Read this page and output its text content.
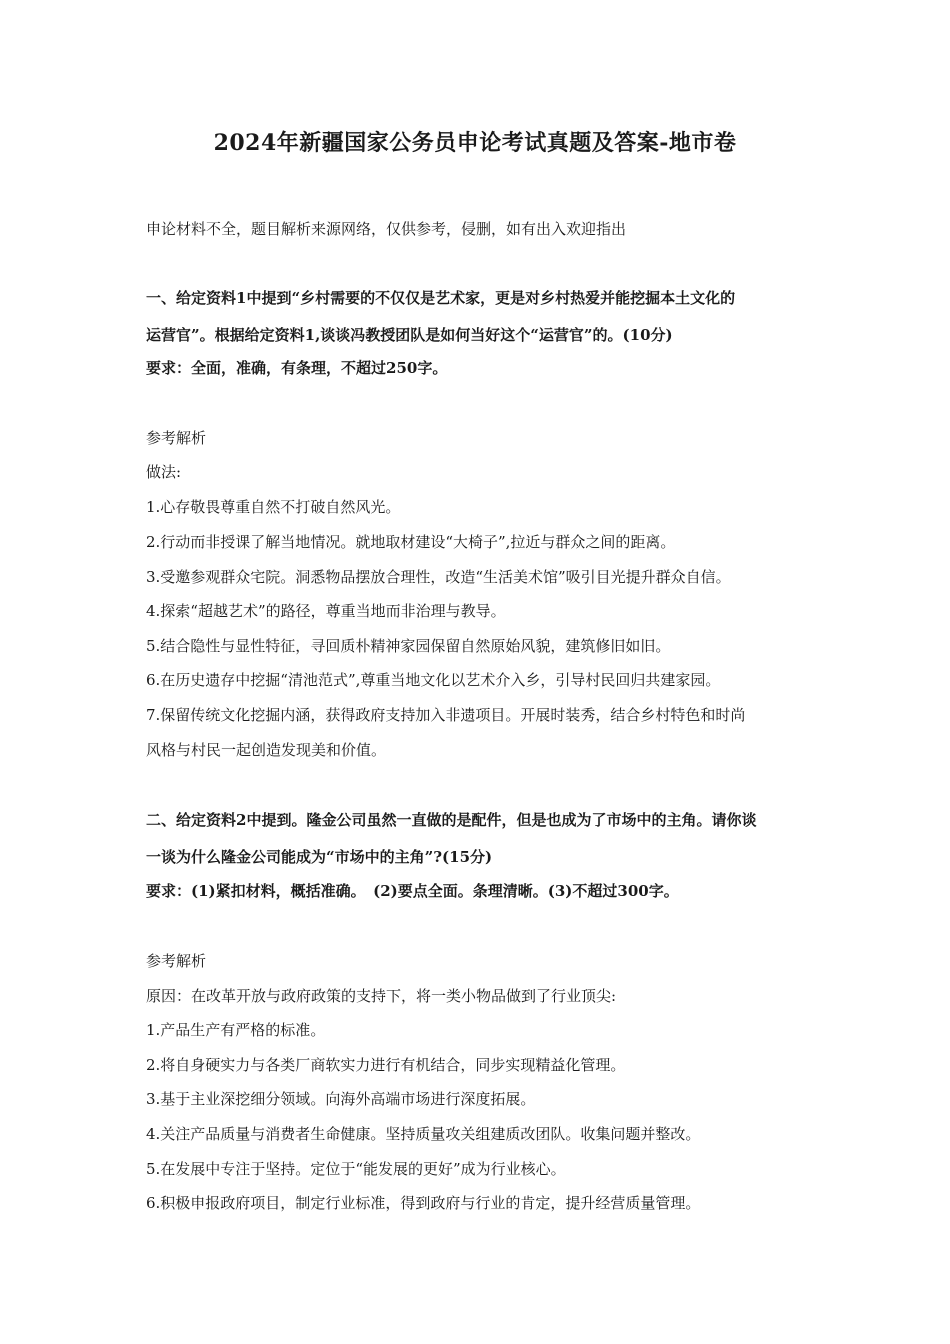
2024年新疆国家公务员申论考试真题及答案-地市卷
申论材料不全，题目解析来源网络，仅供参考，侵删，如有出入欢迎指出
一、给定资料1中提到“乡村需要的不仅仅是艺术家，更是对乡村热爱并能挖掘本土文化的
运营官”。根据给定资料1,谈谈冯教授团队是如何当好这个“运营官”的。(10分)
要求：全面，准确，有条理，不超过250字。
参考解析
做法:
1.心存敬畏尊重自然不打破自然风光。
2.行动而非授课了解当地情况。就地取材建设“大椅子”,拉近与群众之间的距离。
3.受邀参观群众宅院。洞悉物品摆放合理性，改造“生活美术馆”吸引目光提升群众自信。
4.探索“超越艺术”的路径，尊重当地而非治理与教导。
5.结合隐性与显性特征，寻回质朴精神家园保留自然原始风貌，建筑修旧如旧。
6.在历史遗存中挖掘“清池范式”,尊重当地文化以艺术介入乡，引导村民回归共建家园。
7.保留传统文化挖掘内涵，获得政府支持加入非遗项目。开展时装秀，结合乡村特色和时尚
风格与村民一起创造发现美和价值。
二、给定资料2中提到。隆金公司虽然一直做的是配件，但是也成为了市场中的主角。请你谈
一谈为什么隆金公司能成为“市场中的主角”?(15分)
要求：(1)紧扣材料，概括准确。　(2)要点全面。条理清晰。(3)不超过300字。
参考解析
原因：在改革开放与政府政策的支持下，将一类小物品做到了行业顶尖:
1.产品生产有严格的标准。
2.将自身硬实力与各类厂商软实力进行有机结合，同步实现精益化管理。
3.基于主业深挖细分领域。向海外高端市场进行深度拓展。
4.关注产品质量与消费者生命健康。坚持质量攻关组建质改团队。收集问题并整改。
5.在发展中专注于坚持。定位于“能发展的更好”成为行业核心。
6.积极申报政府项目，制定行业标准，得到政府与行业的肯定，提升经营质量管理。
